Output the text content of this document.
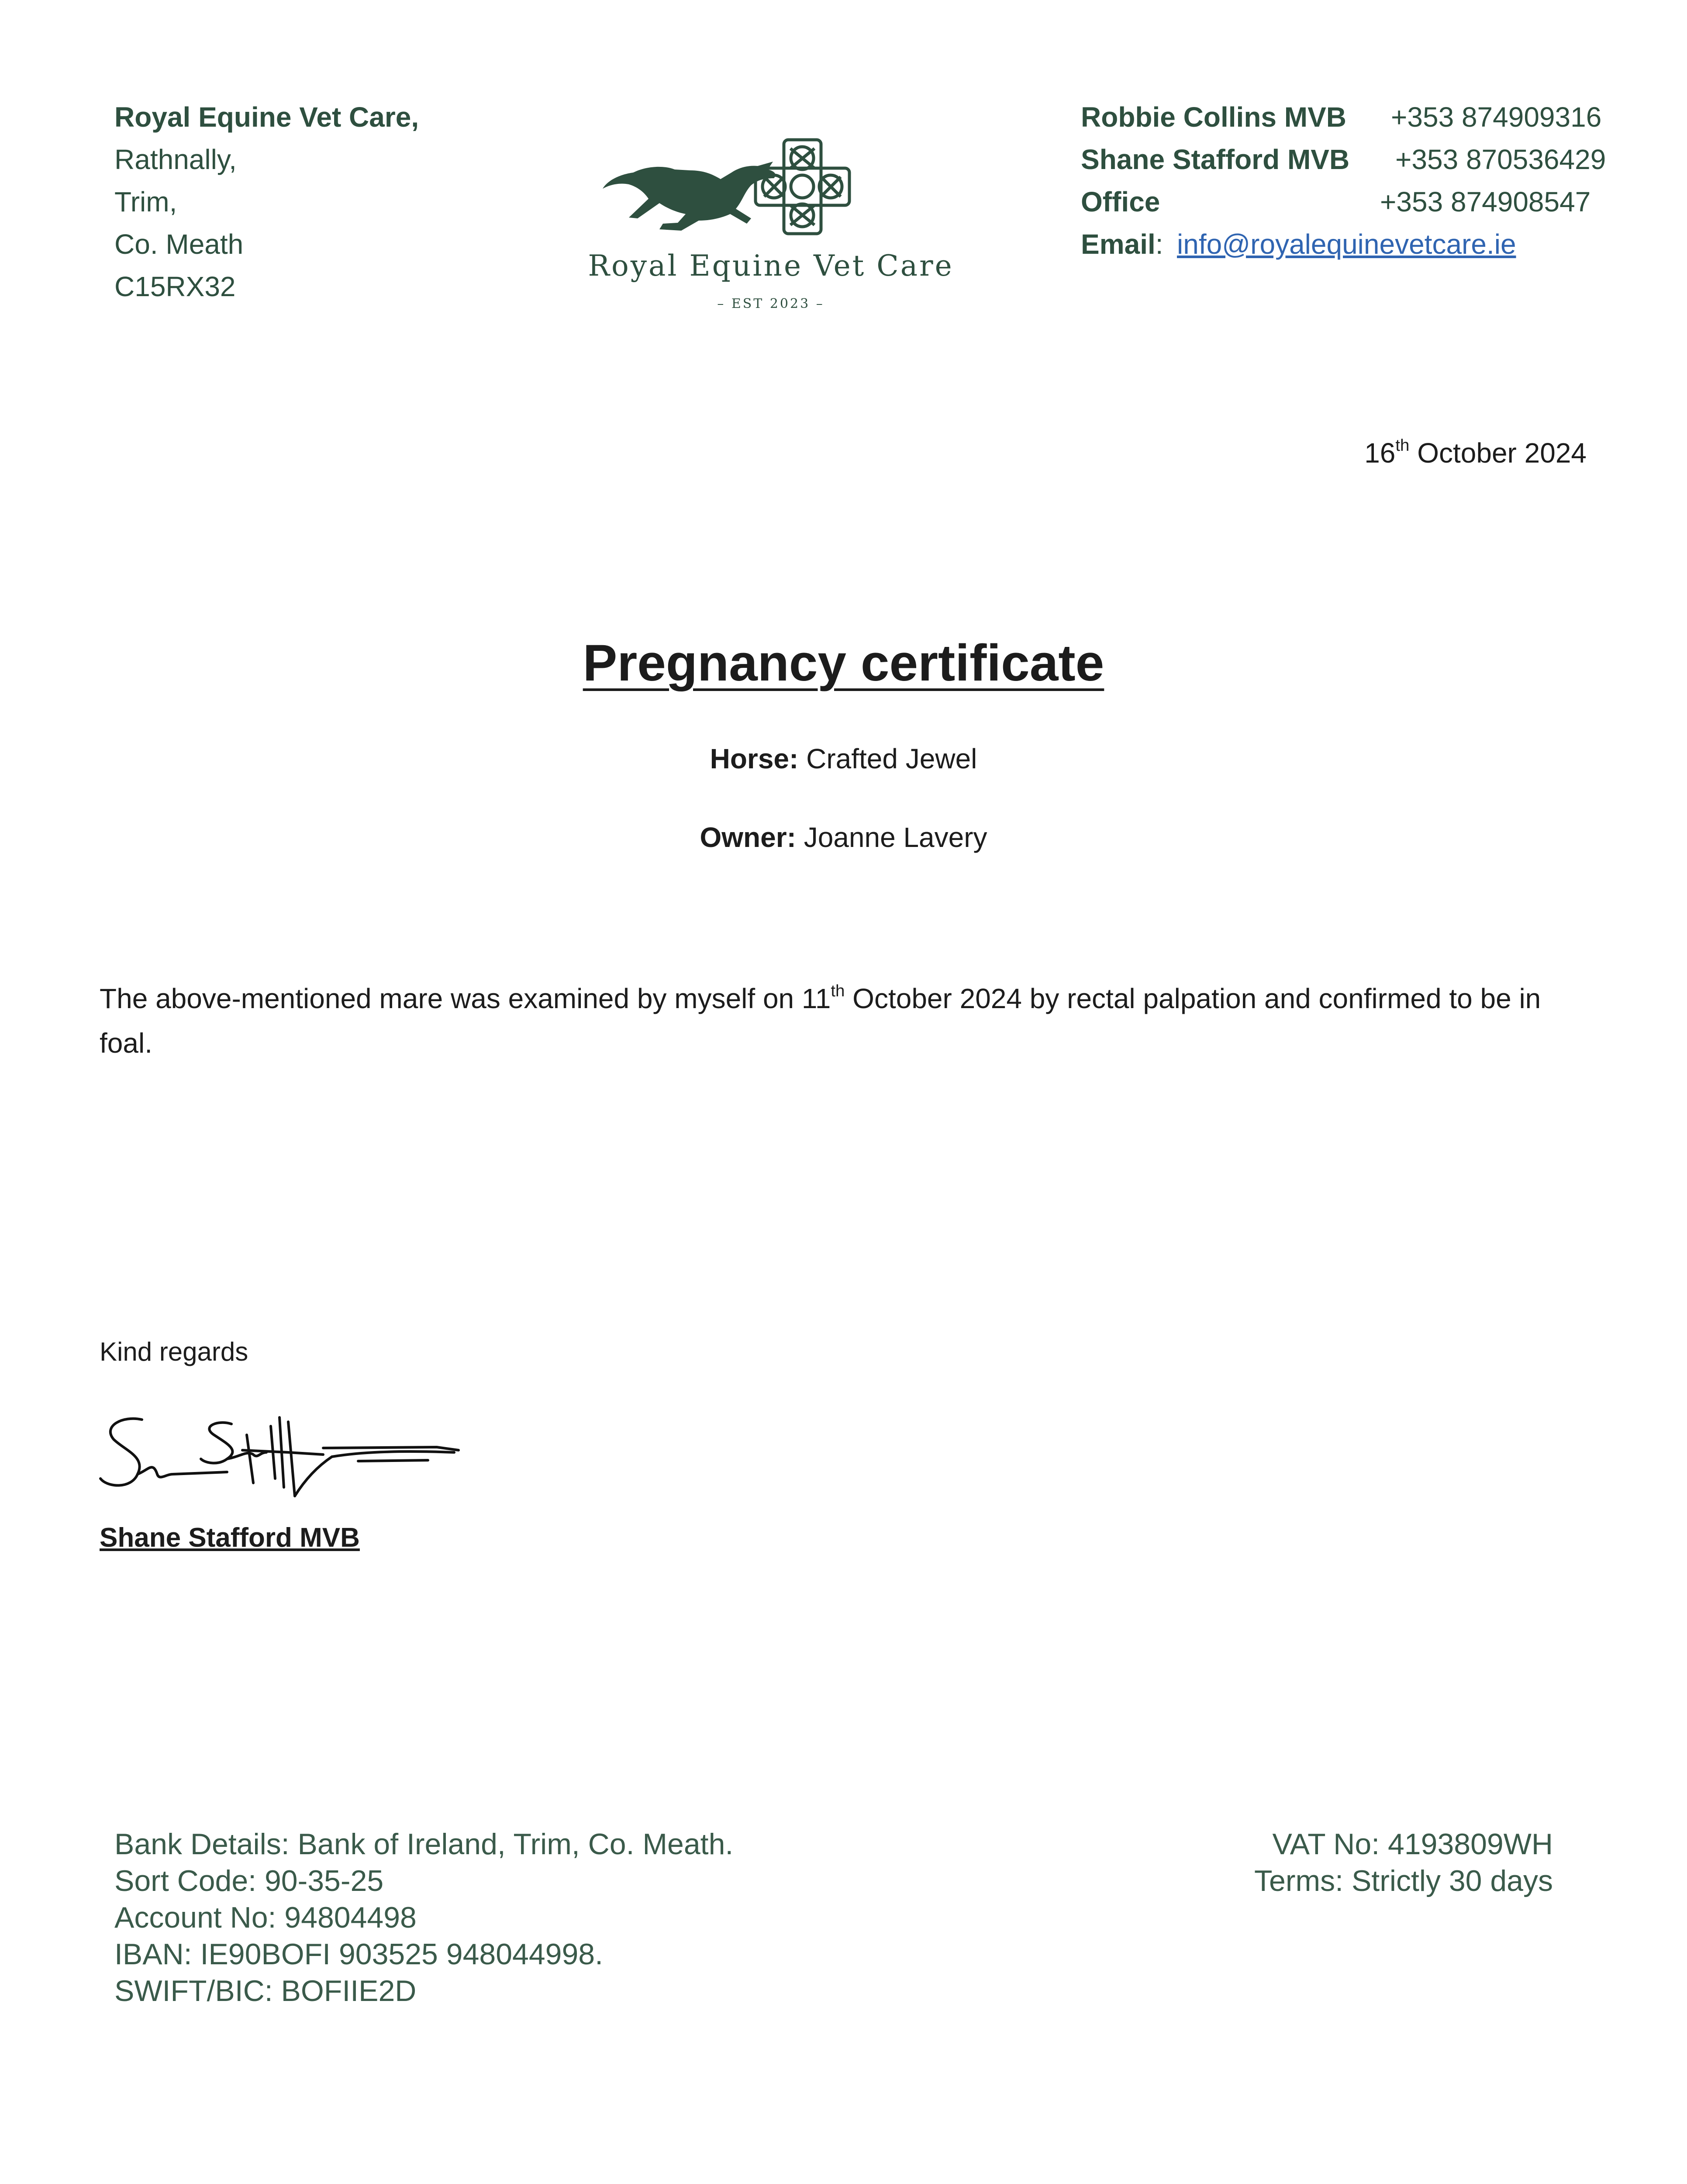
Royal Equine Vet Care,
Rathnally,
Trim,
Co. Meath
C15RX32
Royal Equine Vet Care
– EST 2023 –
Robbie Collins MVB +353 874909316
Shane Stafford MVB +353 870536429
Office	+353 874908547
Email: info@royalequinevetcare.ie
16th October 2024
Pregnancy certificate
Horse: Crafted Jewel
Owner: Joanne Lavery
The above-mentioned mare was examined by myself on 11th October 2024 by rectal palpation and confirmed to be in foal.
Kind regards
Shane Stafford MVB
Bank Details: Bank of Ireland, Trim, Co. Meath.
Sort Code: 90-35-25
Account No: 94804498
IBAN: IE90BOFI 903525 948044998.
SWIFT/BIC: BOFIIE2D
VAT No: 4193809WH
Terms: Strictly 30 days
